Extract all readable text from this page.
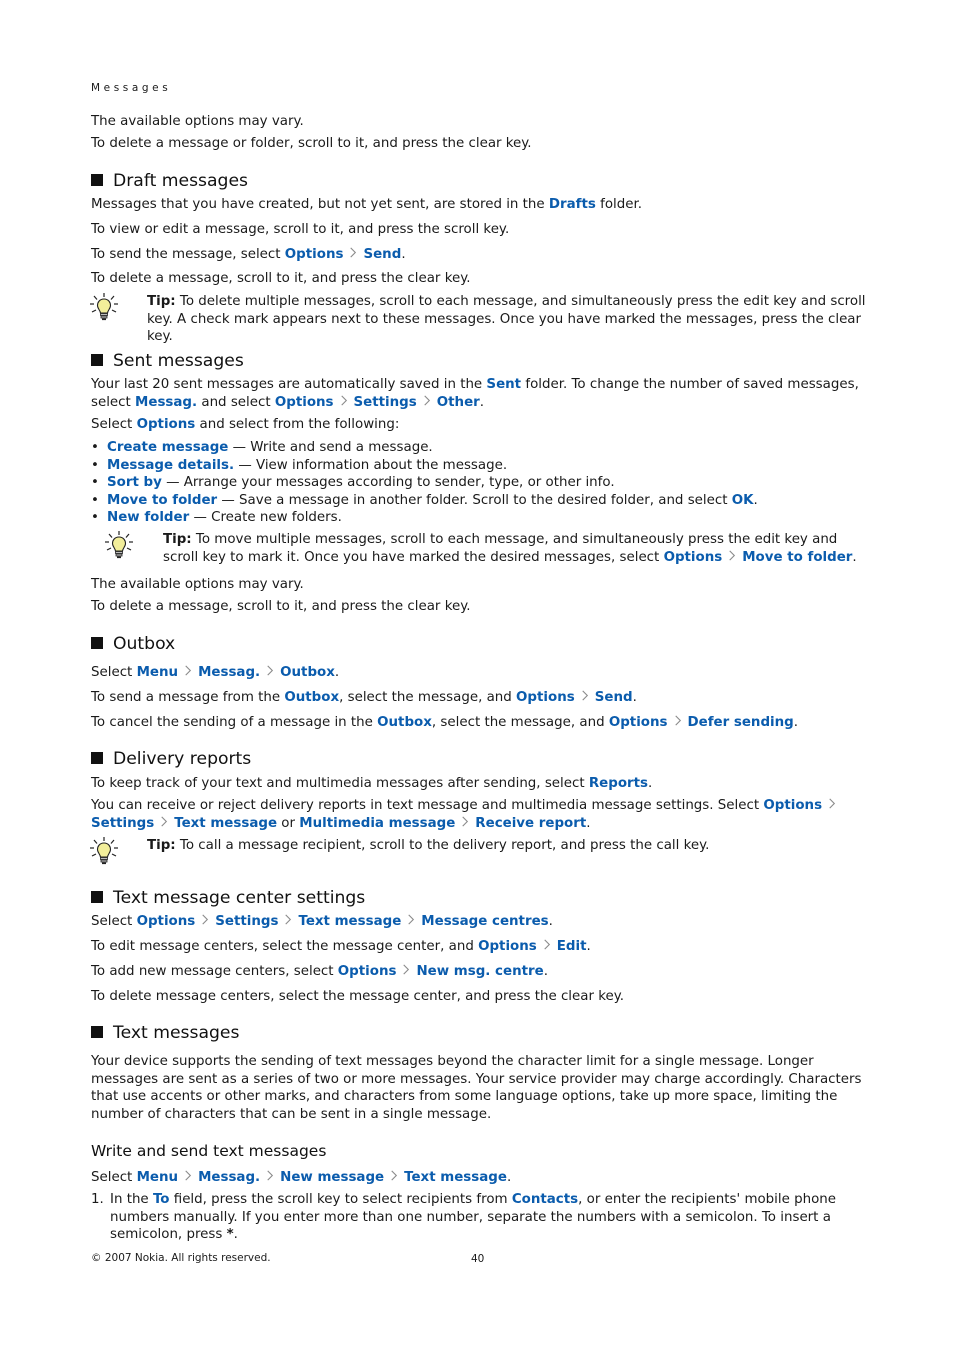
Messages

The available options may vary.

To delete a message or folder, scroll to it, and press the clear key.

Draft messages

Messages that you have created, but not yet sent, are stored in the Drafts folder.

To view or edit a message, scroll to it, and press the scroll key.

To send the message, select Options Send.

To delete a message, scroll to it, and press the clear key.

Tip: To delete multiple messages, scroll to each message, and simultaneously press the edit key and scroll key. A check mark appears next to these messages. Once you have marked the messages, press the clear key.

Sent messages

Your last 20 sent messages are automatically saved in the Sent folder. To change the number of saved messages, select Messag. and select Options Settings Other.

Select Options and select from the following:

• Create message — Write and send a message.
• Message details. — View information about the message.
• Sort by — Arrange your messages according to sender, type, or other info.
• Move to folder — Save a message in another folder. Scroll to the desired folder, and select OK.
• New folder — Create new folders.

Tip: To move multiple messages, scroll to each message, and simultaneously press the edit key and scroll key to mark it. Once you have marked the desired messages, select Options Move to folder.

The available options may vary.

To delete a message, scroll to it, and press the clear key.

Outbox

Select Menu Messag. Outbox.

To send a message from the Outbox, select the message, and Options Send.

To cancel the sending of a message in the Outbox, select the message, and Options Defer sending.

Delivery reports

To keep track of your text and multimedia messages after sending, select Reports.

You can receive or reject delivery reports in text message and multimedia message settings. Select OptionsSettings Text message or Multimedia message Receive report.

Tip: To call a message recipient, scroll to the delivery report, and press the call key.

Text message center settings

Select Options Settings Text message Message centres.

To edit message centers, select the message center, and Options Edit.

To add new message centers, select Options New msg. centre.

To delete message centers, select the message center, and press the clear key.

Text messages

Your device supports the sending of text messages beyond the character limit for a single message. Longer messages are sent as a series of two or more messages. Your service provider may charge accordingly. Characters that use accents or other marks, and characters from some language options, take up more space, limiting the number of characters that can be sent in a single message.

Write and send text messages

Select Menu Messag. New message Text message.

1. In the To field, press the scroll key to select recipients from Contacts, or enter the recipients' mobile phone numbers manually. If you enter more than one number, separate the numbers with a semicolon. To insert a semicolon, press *.
© 2007 Nokia. All rights reserved.	40
